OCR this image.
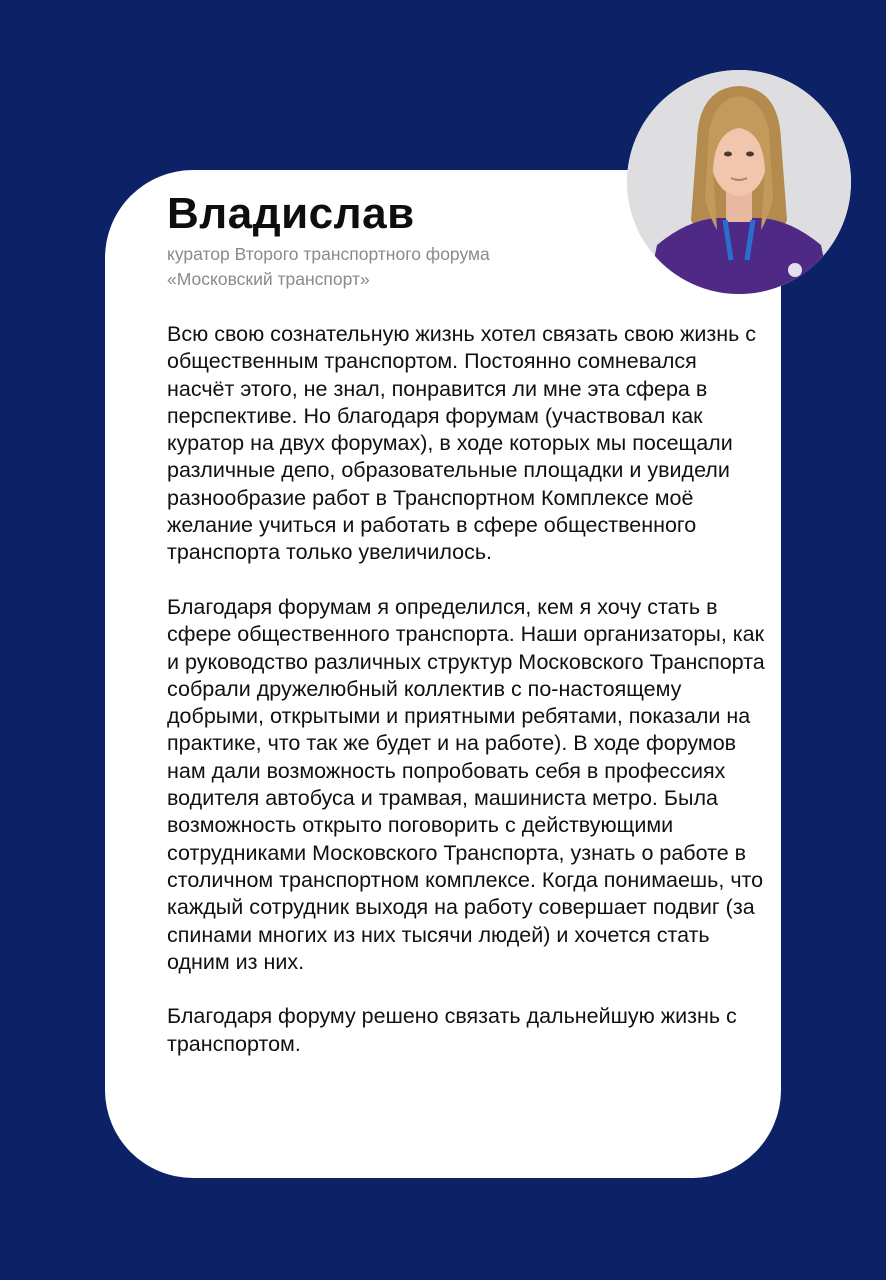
Владислав
куратор Второго транспортного форума
«Московский транспорт»

Всю свою сознательную жизнь хотел связать свою жизнь с общественным транспортом. Постоянно сомневался насчёт этого, не знал, понравится ли мне эта сфера в перспективе. Но благодаря форумам (участвовал как куратор на двух форумах), в ходе которых мы посещали различные депо, образовательные площадки и увидели разнообразие работ в Транспортном Комплексе моё желание учиться и работать в сфере общественного транспорта только увеличилось.

Благодаря форумам я определился, кем я хочу стать в сфере общественного транспорта. Наши организаторы, как и руководство различных структур Московского Транспорта собрали дружелюбный коллектив с по-настоящему добрыми, открытыми и приятными ребятами, показали на практике, что так же будет и на работе). В ходе форумов нам дали возможность попробовать себя в профессиях водителя автобуса и трамвая, машиниста метро. Была возможность открыто поговорить с действующими сотрудниками Московского Транспорта, узнать о работе в столичном транспортном комплексе. Когда понимаешь, что каждый сотрудник выходя на работу совершает подвиг (за спинами многих из них тысячи людей) и хочется стать одним из них.

Благодаря форуму решено связать дальнейшую жизнь с транспортом.
